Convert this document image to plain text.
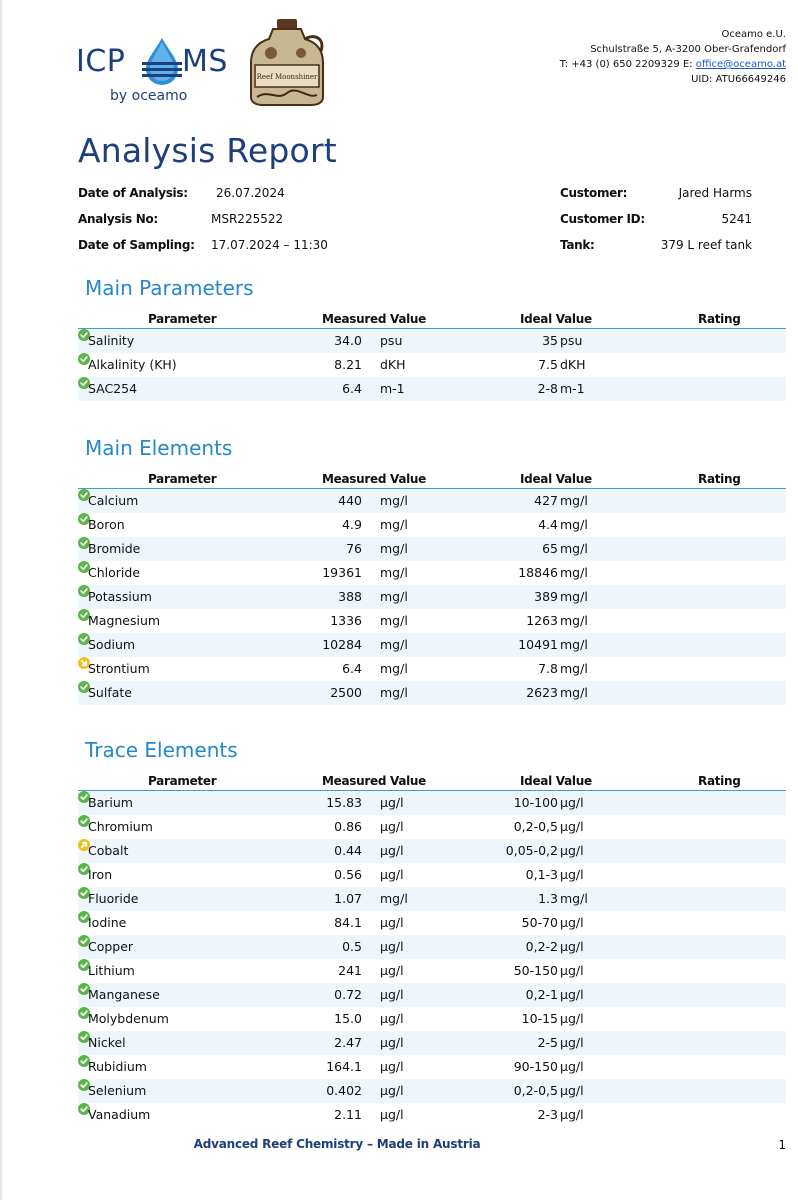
ICP MS
by oceamo
Reef Moonshiner
Oceamo e.U.
Schulstraße 5, A-3200 Ober-Grafendorf
T: +43 (0) 650 2209329 E: office@oceamo.at
UID: ATU66649246
Analysis Report
Date of Analysis: 26.07.2024
Analysis No:	MSR225522
Date of Sampling: 17.07.2024 – 11:30
Customer:	Jared Harms
Customer ID:	5241
Tank:	379 L reef tank
Main Parameters
Parameter	Measured Value	Ideal Value	Rating
Salinity	34.0 psu	35 psu
Alkalinity (KH)	8.21 dKH	7.5 dKH
SAC254	6.4 m-1	2-8 m-1
Main Elements
Parameter	Measured Value	Ideal Value	Rating
Calcium	440 mg/l	427 mg/l
Boron	4.9 mg/l	4.4 mg/l
Bromide	76 mg/l	65 mg/l
Chloride	19361 mg/l	18846 mg/l
Potassium	388 mg/l	389 mg/l
Magnesium	1336 mg/l	1263 mg/l
Sodium	10284 mg/l	10491 mg/l
Strontium	6.4 mg/l	7.8 mg/l
Sulfate	2500 mg/l	2623 mg/l
Trace Elements
Parameter	Measured Value	Ideal Value	Rating
Barium	15.83 µg/l	10-100 µg/l
Chromium	0.86 µg/l	0,2-0,5 µg/l
Cobalt	0.44 µg/l	0,05-0,2 µg/l
Iron	0.56 µg/l	0,1-3 µg/l
Fluoride	1.07 mg/l	1.3 mg/l
Iodine	84.1 µg/l	50-70 µg/l
Copper	0.5 µg/l	0,2-2 µg/l
Lithium	241 µg/l	50-150 µg/l
Manganese	0.72 µg/l	0,2-1 µg/l
Molybdenum	15.0 µg/l	10-15 µg/l
Nickel	2.47 µg/l	2-5 µg/l
Rubidium	164.1 µg/l	90-150 µg/l
Selenium	0.402 µg/l	0,2-0,5 µg/l
Vanadium	2.11 µg/l	2-3 µg/l
Advanced Reef Chemistry – Made in Austria	1
